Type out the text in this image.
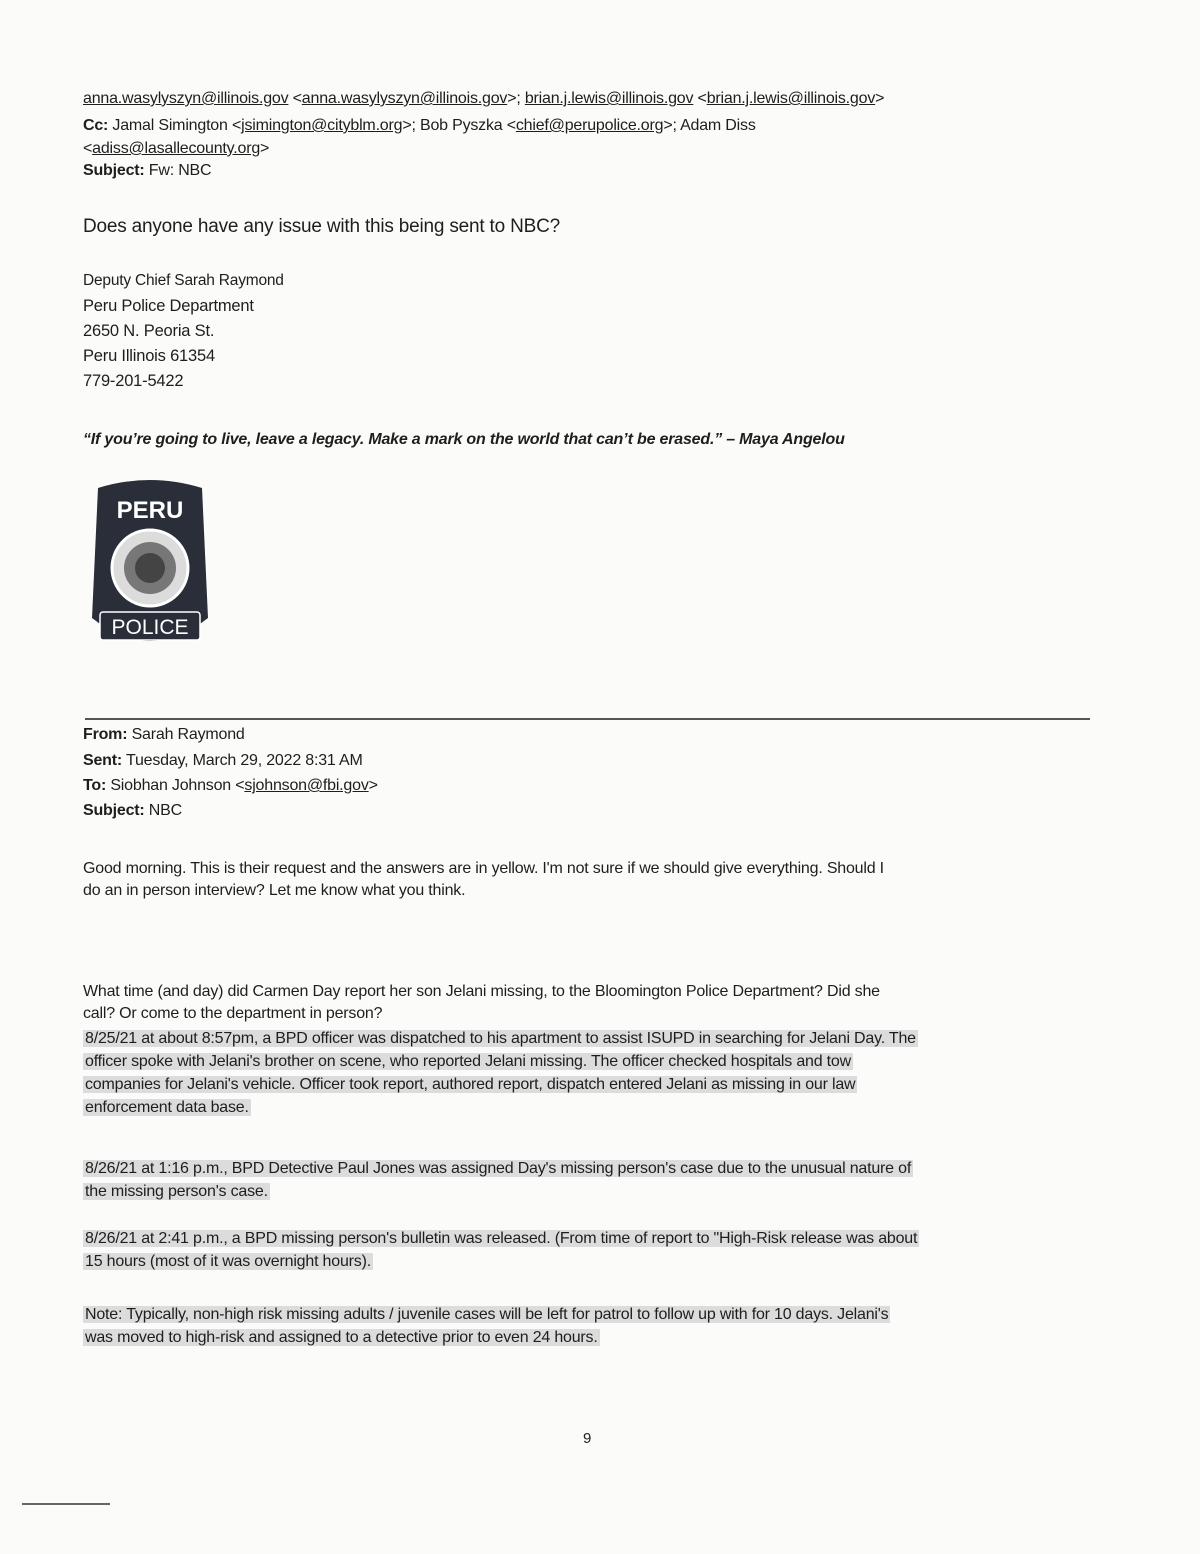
anna.wasylyszyn@illinois.gov <anna.wasylyszyn@illinois.gov>; brian.j.lewis@illinois.gov <brian.j.lewis@illinois.gov>
Cc: Jamal Simington <jsimington@cityblm.org>; Bob Pyszka <chief@perupolice.org>; Adam Diss
<adiss@lasallecounty.org>
Subject: Fw: NBC
Does anyone have any issue with this being sent to NBC?
Deputy Chief Sarah Raymond
Peru Police Department
2650 N. Peoria St.
Peru Illinois 61354
779-201-5422
“If you’re going to live, leave a legacy. Make a mark on the world that can’t be erased.” – Maya Angelou
PERU
POLICE
From: Sarah Raymond
Sent: Tuesday, March 29, 2022 8:31 AM
To: Siobhan Johnson <sjohnson@fbi.gov>
Subject: NBC
Good morning. This is their request and the answers are in yellow. I'm not sure if we should give everything. Should I
do an in person interview? Let me know what you think.
What time (and day) did Carmen Day report her son Jelani missing, to the Bloomington Police Department? Did she
call? Or come to the department in person?
8/25/21 at about 8:57pm, a BPD officer was dispatched to his apartment to assist ISUPD in searching for Jelani Day. The
officer spoke with Jelani's brother on scene, who reported Jelani missing. The officer checked hospitals and tow
companies for Jelani's vehicle. Officer took report, authored report, dispatch entered Jelani as missing in our law
enforcement data base.
8/26/21 at 1:16 p.m., BPD Detective Paul Jones was assigned Day's missing person's case due to the unusual nature of
the missing person's case.
8/26/21 at 2:41 p.m., a BPD missing person's bulletin was released. (From time of report to "High-Risk release was about
15 hours (most of it was overnight hours).
Note: Typically, non-high risk missing adults / juvenile cases will be left for patrol to follow up with for 10 days. Jelani's
was moved to high-risk and assigned to a detective prior to even 24 hours.
9
